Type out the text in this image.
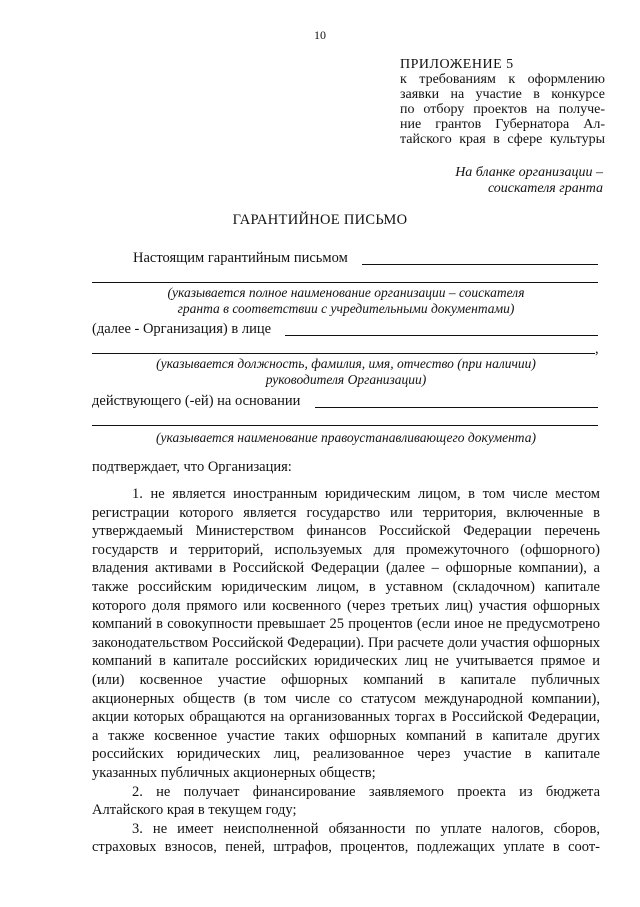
10
ПРИЛОЖЕНИЕ 5
к требованиям к оформлению
заявки на участие в конкурсе
по отбору проектов на получе-
ние грантов Губернатора Ал-
тайского края в сфере культуры
На бланке организации –
соискателя гранта
ГАРАНТИЙНОЕ ПИСЬМО
Настоящим гарантийным письмом
(указывается полное наименование организации – соискателя
гранта в соответствии с учредительными документами)
(далее - Организация) в лице
,
(указывается должность, фамилия, имя, отчество (при наличии)
руководителя Организации)
действующего (-ей) на основании
(указывается наименование правоустанавливающего документа)
подтверждает, что Организация:

1. не является иностранным юридическим лицом, в том числе местом регистрации которого является государство или территория, включенные в утверждаемый Министерством финансов Российской Федерации перечень государств и территорий, используемых для промежуточного (офшорного) владения активами в Российской Федерации (далее – офшорные компании), а также российским юридическим лицом, в уставном (складочном) капитале которого доля прямого или косвенного (через третьих лиц) участия офшорных компаний в совокупности превышает 25 процентов (если иное не предусмотрено законодательством Российской Федерации). При расчете доли участия офшорных компаний в капитале российских юридических лиц не учитывается прямое и (или) косвенное участие офшорных компаний в капитале публичных акционерных обществ (в том числе со статусом международной компании), акции которых обращаются на организованных торгах в Российской Федерации, а также косвенное участие таких офшорных компаний в капитале других российских юридических лиц, реализованное через участие в капитале указанных публичных акционерных обществ;

2. не получает финансирование заявляемого проекта из бюджета Алтайского края в текущем году;

3. не имеет неисполненной обязанности по уплате налогов, сборов, страховых взносов, пеней, штрафов, процентов, подлежащих уплате в соот-
